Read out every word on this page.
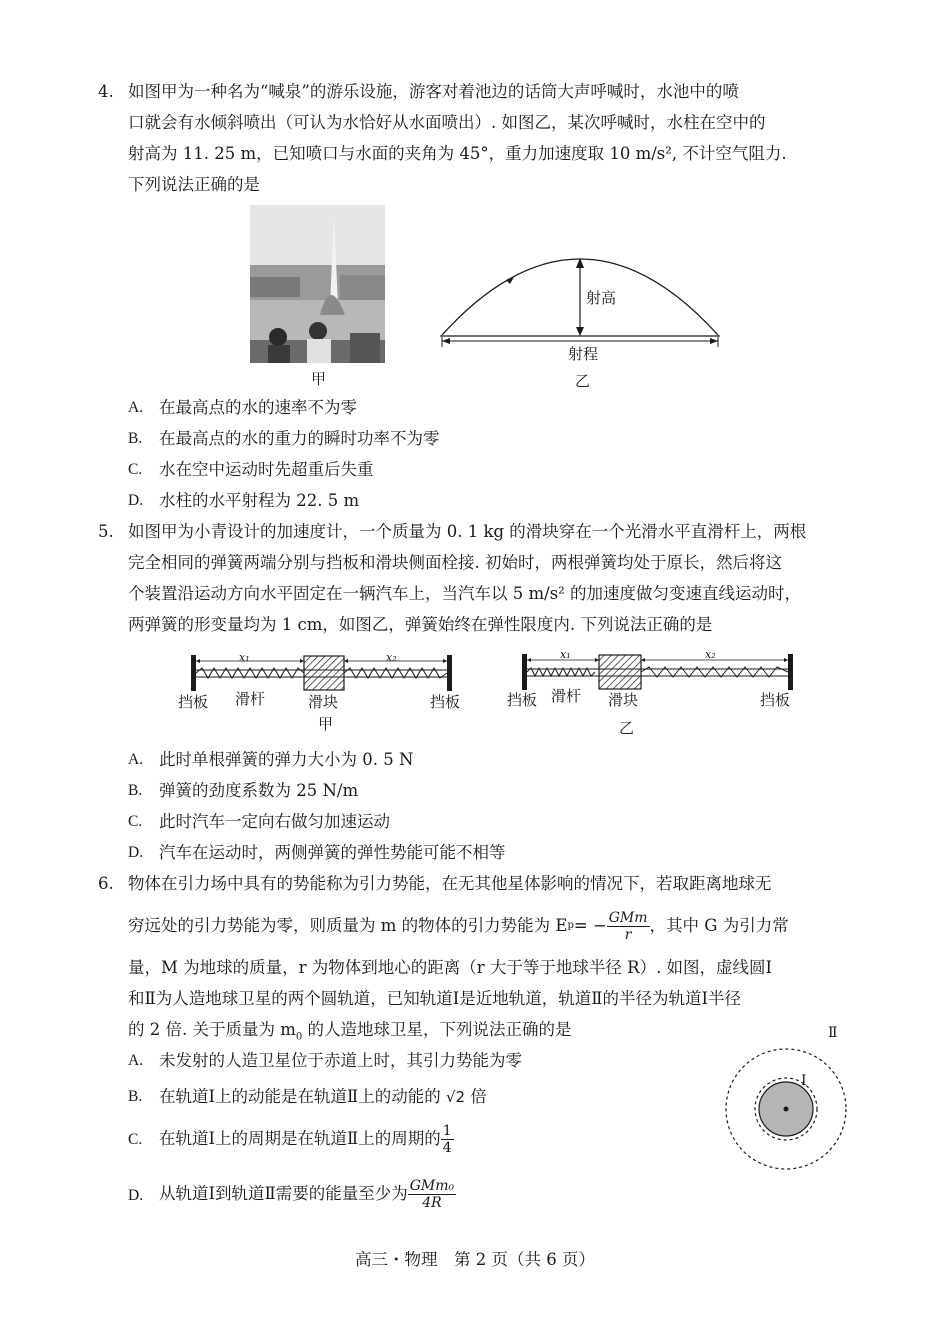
4. 如图甲为一种名为“喊泉”的游乐设施，游客对着池边的话筒大声呼喊时，水池中的喷
口就会有水倾斜喷出（可认为水恰好从水面喷出）. 如图乙，某次呼喊时，水柱在空中的
射高为 11. 25 m，已知喷口与水面的夹角为 45°，重力加速度取 10 m/s², 不计空气阻力.
下列说法正确的是
甲
射高
射程
乙
A. 在最高点的水的速率不为零
B. 在最高点的水的重力的瞬时功率不为零
C. 水在空中运动时先超重后失重
D. 水柱的水平射程为 22. 5 m
5. 如图甲为小青设计的加速度计，一个质量为 0. 1 kg 的滑块穿在一个光滑水平直滑杆上，两根
完全相同的弹簧两端分别与挡板和滑块侧面栓接. 初始时，两根弹簧均处于原长，然后将这
个装置沿运动方向水平固定在一辆汽车上，当汽车以 5 m/s² 的加速度做匀变速直线运动时，
两弹簧的形变量均为 1 cm，如图乙，弹簧始终在弹性限度内. 下列说法正确的是
x₁	x₂
挡板 滑杆	滑块	挡板
甲
x₁	x₂
挡板 滑杆 滑块	挡板
乙
A. 此时单根弹簧的弹力大小为 0. 5 N
B. 弹簧的劲度系数为 25 N/m
C. 此时汽车一定向右做匀加速运动
D. 汽车在运动时，两侧弹簧的弹性势能可能不相等
6. 物体在引力场中具有的势能称为引力势能，在无其他星体影响的情况下，若取距离地球无
穷远处的引力势能为零，则质量为 m 的物体的引力势能为 E p = − $\frac{\text{GMm}}{r}$ ，其中 G 为引力常
量，M 为地球的质量，r 为物体到地心的距离（r 大于等于地球半径 R）. 如图，虚线圆Ⅰ
和Ⅱ为人造地球卫星的两个圆轨道，已知轨道Ⅰ是近地轨道，轨道Ⅱ的半径为轨道Ⅰ半径
的 2 倍. 关于质量为 $m_0$ 的人造地球卫星，下列说法正确的是
Ⅰ
Ⅱ
A. 未发射的人造卫星位于赤道上时，其引力势能为零
B. 在轨道Ⅰ上的动能是在轨道Ⅱ上的动能的 √2 倍
C. 在轨道Ⅰ上的周期是在轨道Ⅱ上的周期的 $\frac{1}{4}$
D. 从轨道Ⅰ到轨道Ⅱ需要的能量至少为 $\frac{\text{GMm₀}}{4R}$
高三・物理　第 2 页（共 6 页）
